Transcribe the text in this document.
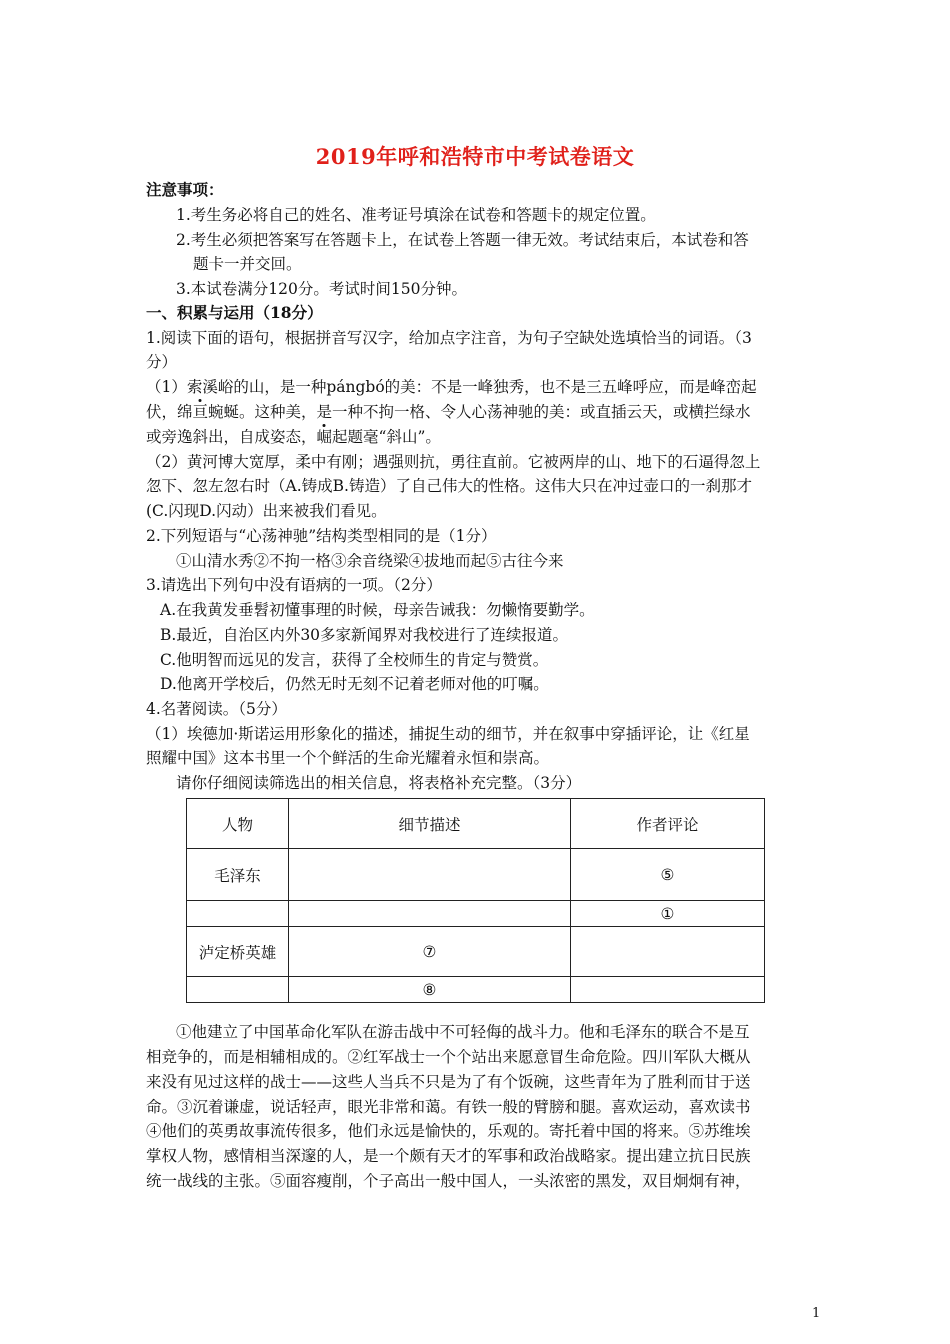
2019年呼和浩特市中考试卷语文
注意事项：
1.考生务必将自己的姓名、准考证号填涂在试卷和答题卡的规定位置。
2.考生必须把答案写在答题卡上，在试卷上答题一律无效。考试结束后，本试卷和答
题卡一并交回。
3.本试卷满分120分。考试时间150分钟。
一、积累与运用（18分）
1.阅读下面的语句，根据拼音写汉字，给加点字注音，为句子空缺处选填恰当的词语。（3
分）
（1）索溪峪的山，是一种pángbó的美：不是一峰独秀，也不是三五峰呼应，而是峰峦起
伏，绵亘蜿蜒。这种美，是一种不拘一格、令人心荡神驰的美：或直插云天，或横拦绿水
或旁逸斜出，自成姿态，崛起题毫“斜山”。
（2）黄河博大宽厚，柔中有刚；遇强则抗，勇往直前。它被两岸的山、地下的石逼得忽上
忽下、忽左忽右时（A.铸成B.铸造）了自己伟大的性格。这伟大只在冲过壶口的一刹那才
(C.闪现D.闪动）出来被我们看见。
2.下列短语与“心荡神驰”结构类型相同的是（1分）
①山清水秀②不拘一格③余音绕梁④拔地而起⑤古往今来
3.请选出下列句中没有语病的一项。（2分）
A.在我黄发垂髫初懂事理的时候，母亲告诫我：勿懒惰要勤学。
B.最近，自治区内外30多家新闻界对我校进行了连续报道。
C.他明智而远见的发言，获得了全校师生的肯定与赞赏。
D.他离开学校后，仍然无时无刻不记着老师对他的叮嘱。
4.名著阅读。（5分）
（1）埃德加·斯诺运用形象化的描述，捕捉生动的细节，并在叙事中穿插评论，让《红星
照耀中国》这本书里一个个鲜活的生命光耀着永恒和崇高。
请你仔细阅读筛选出的相关信息，将表格补充完整。（3分）
人物	细节描述	作者评论
毛泽东		⑤
		①
泸定桥英雄	⑦	
	⑧	
①他建立了中国革命化军队在游击战中不可轻侮的战斗力。他和毛泽东的联合不是互
相竞争的，而是相辅相成的。②红军战士一个个站出来愿意冒生命危险。四川军队大概从
来没有见过这样的战士——这些人当兵不只是为了有个饭碗，这些青年为了胜利而甘于送
命。③沉着谦虚，说话轻声，眼光非常和蔼。有铁一般的臂膀和腿。喜欢运动，喜欢读书
④他们的英勇故事流传很多，他们永远是愉快的，乐观的。寄托着中国的将来。⑤苏维埃
掌权人物，感情相当深邃的人，是一个颇有天才的军事和政治战略家。提出建立抗日民族
统一战线的主张。⑤面容瘦削，个子高出一般中国人，一头浓密的黑发，双目炯炯有神，
1
